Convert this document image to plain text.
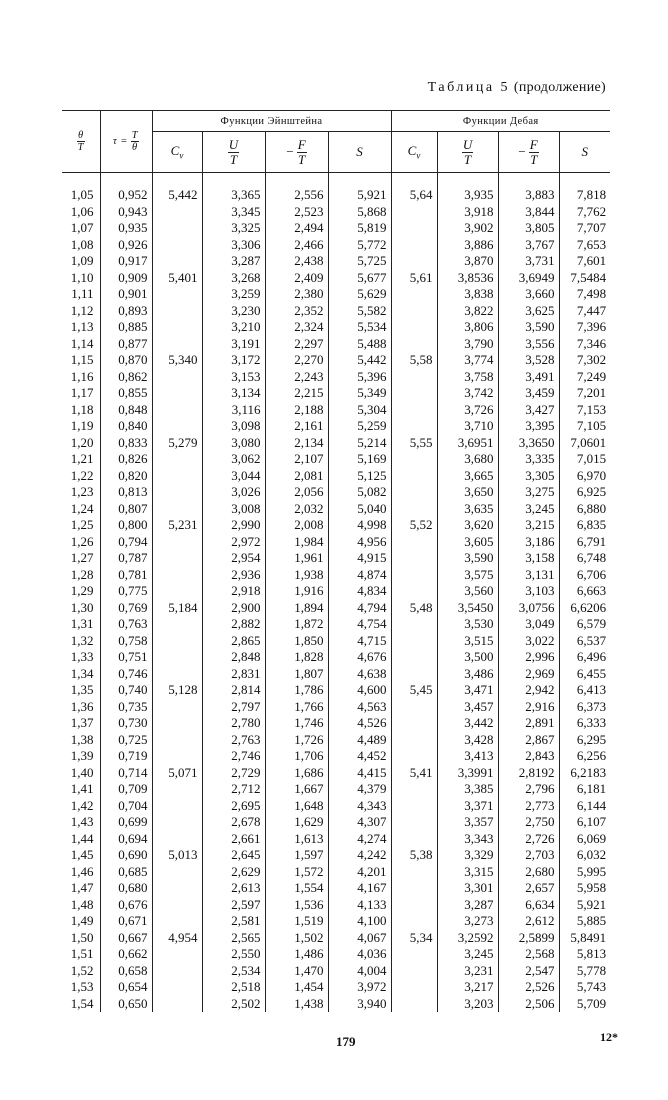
Таблица 5 (продолжение)
$\frac{\theta}{T}$	$\tau = \frac{T}{\theta}$	Функции Эйнштейна				Функции Дебая			
		$C_v$	$\frac{U}{T}$	− $\frac{F}{T}$	S	$C_v$	$\frac{U}{T}$	− $\frac{F}{T}$	S

1,05	0,952	5,442	3,365	2,556	5,921	5,64	3,935	3,883	7,818
1,06	0,943		3,345	2,523	5,868		3,918	3,844	7,762
1,07	0,935		3,325	2,494	5,819		3,902	3,805	7,707
1,08	0,926		3,306	2,466	5,772		3,886	3,767	7,653
1,09	0,917		3,287	2,438	5,725		3,870	3,731	7,601
1,10	0,909	5,401	3,268	2,409	5,677	5,61	3,8536	3,6949	7,5484
1,11	0,901		3,259	2,380	5,629		3,838	3,660	7,498
1,12	0,893		3,230	2,352	5,582		3,822	3,625	7,447
1,13	0,885		3,210	2,324	5,534		3,806	3,590	7,396
1,14	0,877		3,191	2,297	5,488		3,790	3,556	7,346
1,15	0,870	5,340	3,172	2,270	5,442	5,58	3,774	3,528	7,302
1,16	0,862		3,153	2,243	5,396		3,758	3,491	7,249
1,17	0,855		3,134	2,215	5,349		3,742	3,459	7,201
1,18	0,848		3,116	2,188	5,304		3,726	3,427	7,153
1,19	0,840		3,098	2,161	5,259		3,710	3,395	7,105
1,20	0,833	5,279	3,080	2,134	5,214	5,55	3,6951	3,3650	7,0601
1,21	0,826		3,062	2,107	5,169		3,680	3,335	7,015
1,22	0,820		3,044	2,081	5,125		3,665	3,305	6,970
1,23	0,813		3,026	2,056	5,082		3,650	3,275	6,925
1,24	0,807		3,008	2,032	5,040		3,635	3,245	6,880
1,25	0,800	5,231	2,990	2,008	4,998	5,52	3,620	3,215	6,835
1,26	0,794		2,972	1,984	4,956		3,605	3,186	6,791
1,27	0,787		2,954	1,961	4,915		3,590	3,158	6,748
1,28	0,781		2,936	1,938	4,874		3,575	3,131	6,706
1,29	0,775		2,918	1,916	4,834		3,560	3,103	6,663
1,30	0,769	5,184	2,900	1,894	4,794	5,48	3,5450	3,0756	6,6206
1,31	0,763		2,882	1,872	4,754		3,530	3,049	6,579
1,32	0,758		2,865	1,850	4,715		3,515	3,022	6,537
1,33	0,751		2,848	1,828	4,676		3,500	2,996	6,496
1,34	0,746		2,831	1,807	4,638		3,486	2,969	6,455
1,35	0,740	5,128	2,814	1,786	4,600	5,45	3,471	2,942	6,413
1,36	0,735		2,797	1,766	4,563		3,457	2,916	6,373
1,37	0,730		2,780	1,746	4,526		3,442	2,891	6,333
1,38	0,725		2,763	1,726	4,489		3,428	2,867	6,295
1,39	0,719		2,746	1,706	4,452		3,413	2,843	6,256
1,40	0,714	5,071	2,729	1,686	4,415	5,41	3,3991	2,8192	6,2183
1,41	0,709		2,712	1,667	4,379		3,385	2,796	6,181
1,42	0,704		2,695	1,648	4,343		3,371	2,773	6,144
1,43	0,699		2,678	1,629	4,307		3,357	2,750	6,107
1,44	0,694		2,661	1,613	4,274		3,343	2,726	6,069
1,45	0,690	5,013	2,645	1,597	4,242	5,38	3,329	2,703	6,032
1,46	0,685		2,629	1,572	4,201		3,315	2,680	5,995
1,47	0,680		2,613	1,554	4,167		3,301	2,657	5,958
1,48	0,676		2,597	1,536	4,133		3,287	6,634	5,921
1,49	0,671		2,581	1,519	4,100		3,273	2,612	5,885
1,50	0,667	4,954	2,565	1,502	4,067	5,34	3,2592	2,5899	5,8491
1,51	0,662		2,550	1,486	4,036		3,245	2,568	5,813
1,52	0,658		2,534	1,470	4,004		3,231	2,547	5,778
1,53	0,654		2,518	1,454	3,972		3,217	2,526	5,743
1,54	0,650		2,502	1,438	3,940		3,203	2,506	5,709
179	12*
